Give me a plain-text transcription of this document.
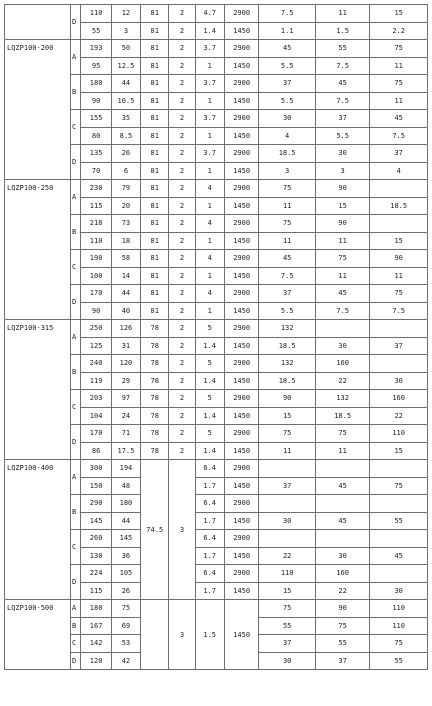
	D	110	12	81	2	4.7	2900	7.5	11	15
		55	3	81	2	1.4	1450	1.1	1.5	2.2
LQZP100-200	A	193	50	81	2	3.7	2900	45	55	75
		95	12.5	81	2	1	1450	5.5	7.5	11
	B	180	44	81	2	3.7	2900	37	45	75
		90	10.5	81	2	1	1450	5.5	7.5	11
	C	155	35	81	2	3.7	2900	30	37	45
		80	8.5	81	2	1	1450	4	5.5	7.5
	D	135	26	81	2	3.7	2900	18.5	30	37
		70	6	81	2	1	1450	3	3	4
LQZP100-250	A	230	79	81	2	4	2900	75	90	
		115	20	81	2	1	1450	11	15	18.5
	B	218	73	81	2	4	2900	75	90	
		110	18	81	2	1	1450	11	11	15
	C	190	58	81	2	4	2900	45	75	90
		100	14	81	2	1	1450	7.5	11	11
	D	170	44	81	2	4	2900	37	45	75
		90	40	81	2	1	1450	5.5	7.5	7.5
LQZP100-315	A	250	126	78	2	5	2900	132		
		125	31	78	2	1.4	1450	18.5	30	37
	B	240	120	78	2	5	2900	132	160	
		119	29	78	2	1.4	1450	18.5	22	30
	C	203	97	78	2	5	2900	90	132	160
		104	24	78	2	1.4	1450	15	18.5	22
	D	170	71	78	2	5	2900	75	75	110
		86	17.5	78	2	1.4	1450	11	11	15
LQZP100-400	A	300	194	74.5	3	6.4	2900			
		150	48			1.7	1450	37	45	75
	B	290	180			6.4	2900			
		145	44			1.7	1450	30	45	55
	C	260	145			6.4	2900			
		130	36			1.7	1450	22	30	45
	D	224	105			6.4	2900	110	160	
		115	26			1.7	1450	15	22	30
LQZP100-500	A	180	75		3	1.5	1450	75	90	110
	B	167	69					55	75	110
	C	142	53					37	55	75
	D	120	42					30	37	55
